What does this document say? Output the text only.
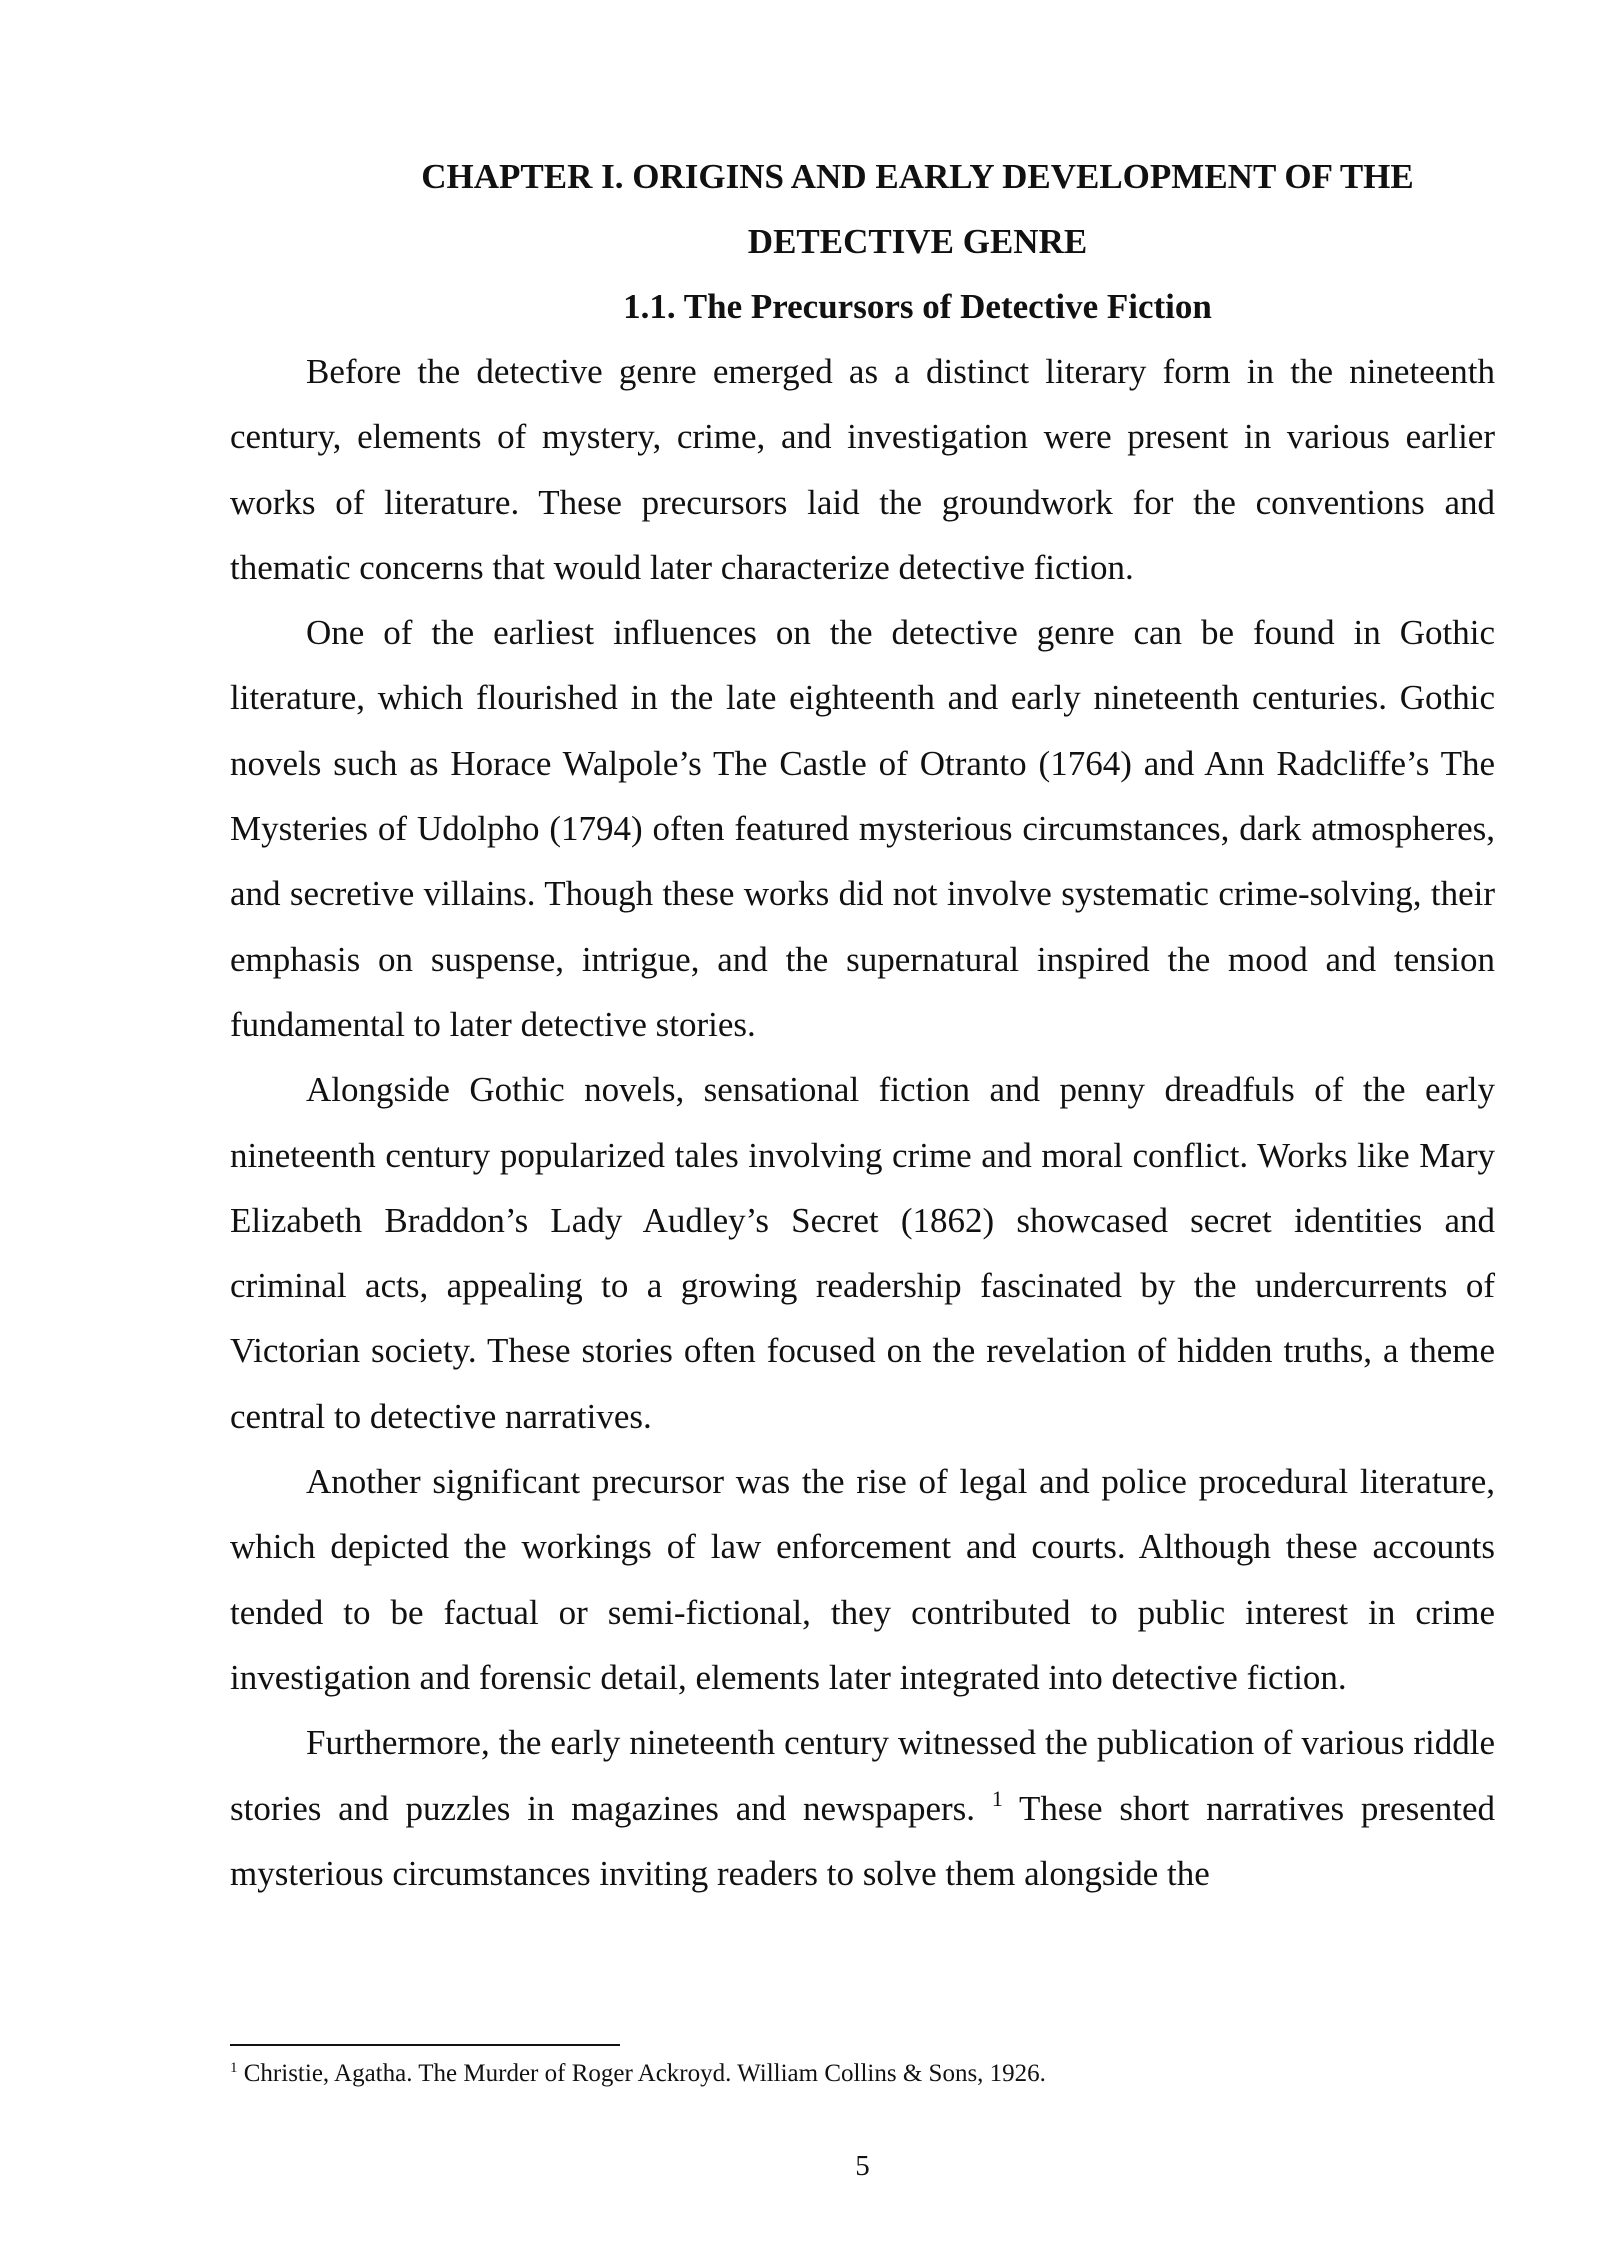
CHAPTER I. ORIGINS AND EARLY DEVELOPMENT OF THE
DETECTIVE GENRE
1.1. The Precursors of Detective Fiction

Before the detective genre emerged as a distinct literary form in the nineteenth century, elements of mystery, crime, and investigation were present in various earlier works of literature. These precursors laid the groundwork for the conventions and thematic concerns that would later characterize detective fiction.

One of the earliest influences on the detective genre can be found in Gothic literature, which flourished in the late eighteenth and early nineteenth centuries. Gothic novels such as Horace Walpole’s The Castle of Otranto (1764) and Ann Radcliffe’s The Mysteries of Udolpho (1794) often featured mysterious circumstances, dark atmospheres, and secretive villains. Though these works did not involve systematic crime-solving, their emphasis on suspense, intrigue, and the supernatural inspired the mood and tension fundamental to later detective stories.

Alongside Gothic novels, sensational fiction and penny dreadfuls of the early nineteenth century popularized tales involving crime and moral conflict. Works like Mary Elizabeth Braddon’s Lady Audley’s Secret (1862) showcased secret identities and criminal acts, appealing to a growing readership fascinated by the undercurrents of Victorian society. These stories often focused on the revelation of hidden truths, a theme central to detective narratives.

Another significant precursor was the rise of legal and police procedural literature, which depicted the workings of law enforcement and courts. Although these accounts tended to be factual or semi-fictional, they contributed to public interest in crime investigation and forensic detail, elements later integrated into detective fiction.

Furthermore, the early nineteenth century witnessed the publication of various riddle stories and puzzles in magazines and newspapers. $^1$ These short narratives presented mysterious circumstances inviting readers to solve them alongside the

$^1$ Christie, Agatha. The Murder of Roger Ackroyd. William Collins & Sons, 1926.
5
